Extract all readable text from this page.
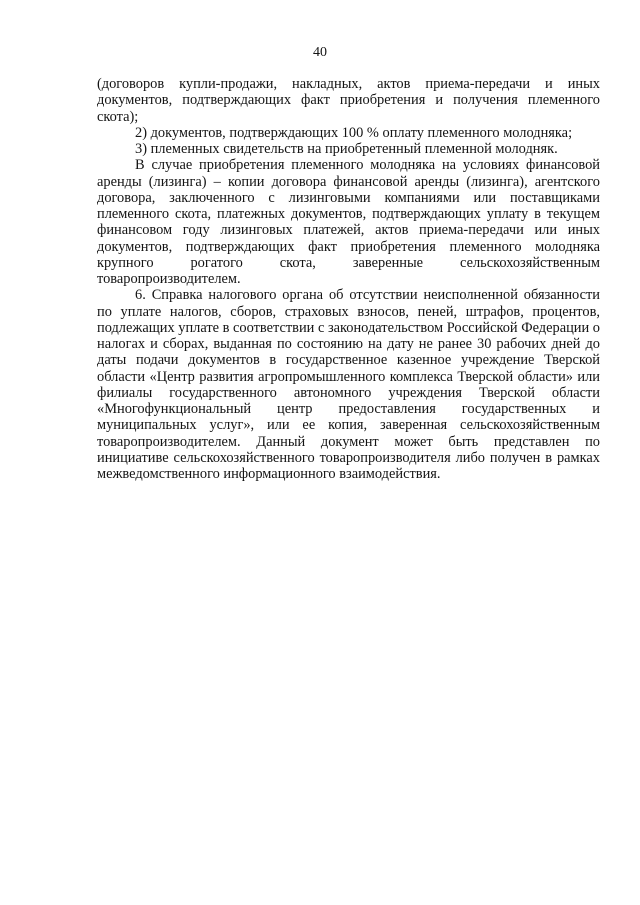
40

(договоров купли-продажи, накладных, актов приема-передачи и иных документов, подтверждающих факт приобретения и получения племенного скота);

2) документов, подтверждающих 100 % оплату племенного молодняка;

3) племенных свидетельств на приобретенный племенной молодняк.

В случае приобретения племенного молодняка на условиях финансовой аренды (лизинга) – копии договора финансовой аренды (лизинга), агентского договора, заключенного с лизинговыми компаниями или поставщиками племенного скота, платежных документов, подтверждающих уплату в текущем финансовом году лизинговых платежей, актов приема-передачи или иных документов, подтверждающих факт приобретения племенного молодняка крупного рогатого скота, заверенные сельскохозяйственным товаропроизводителем.

6. Справка налогового органа об отсутствии неисполненной обязанности по уплате налогов, сборов, страховых взносов, пеней, штрафов, процентов, подлежащих уплате в соответствии с законодательством Российской Федерации о налогах и сборах, выданная по состоянию на дату не ранее 30 рабочих дней до даты подачи документов в государственное казенное учреждение Тверской области «Центр развития агропромышленного комплекса Тверской области» или филиалы государственного автономного учреждения Тверской области «Многофункциональный центр предоставления государственных и муниципальных услуг», или ее копия, заверенная сельскохозяйственным товаропроизводителем. Данный документ может быть представлен по инициативе сельскохозяйственного товаропроизводителя либо получен в рамках межведомственного информационного взаимодействия.
